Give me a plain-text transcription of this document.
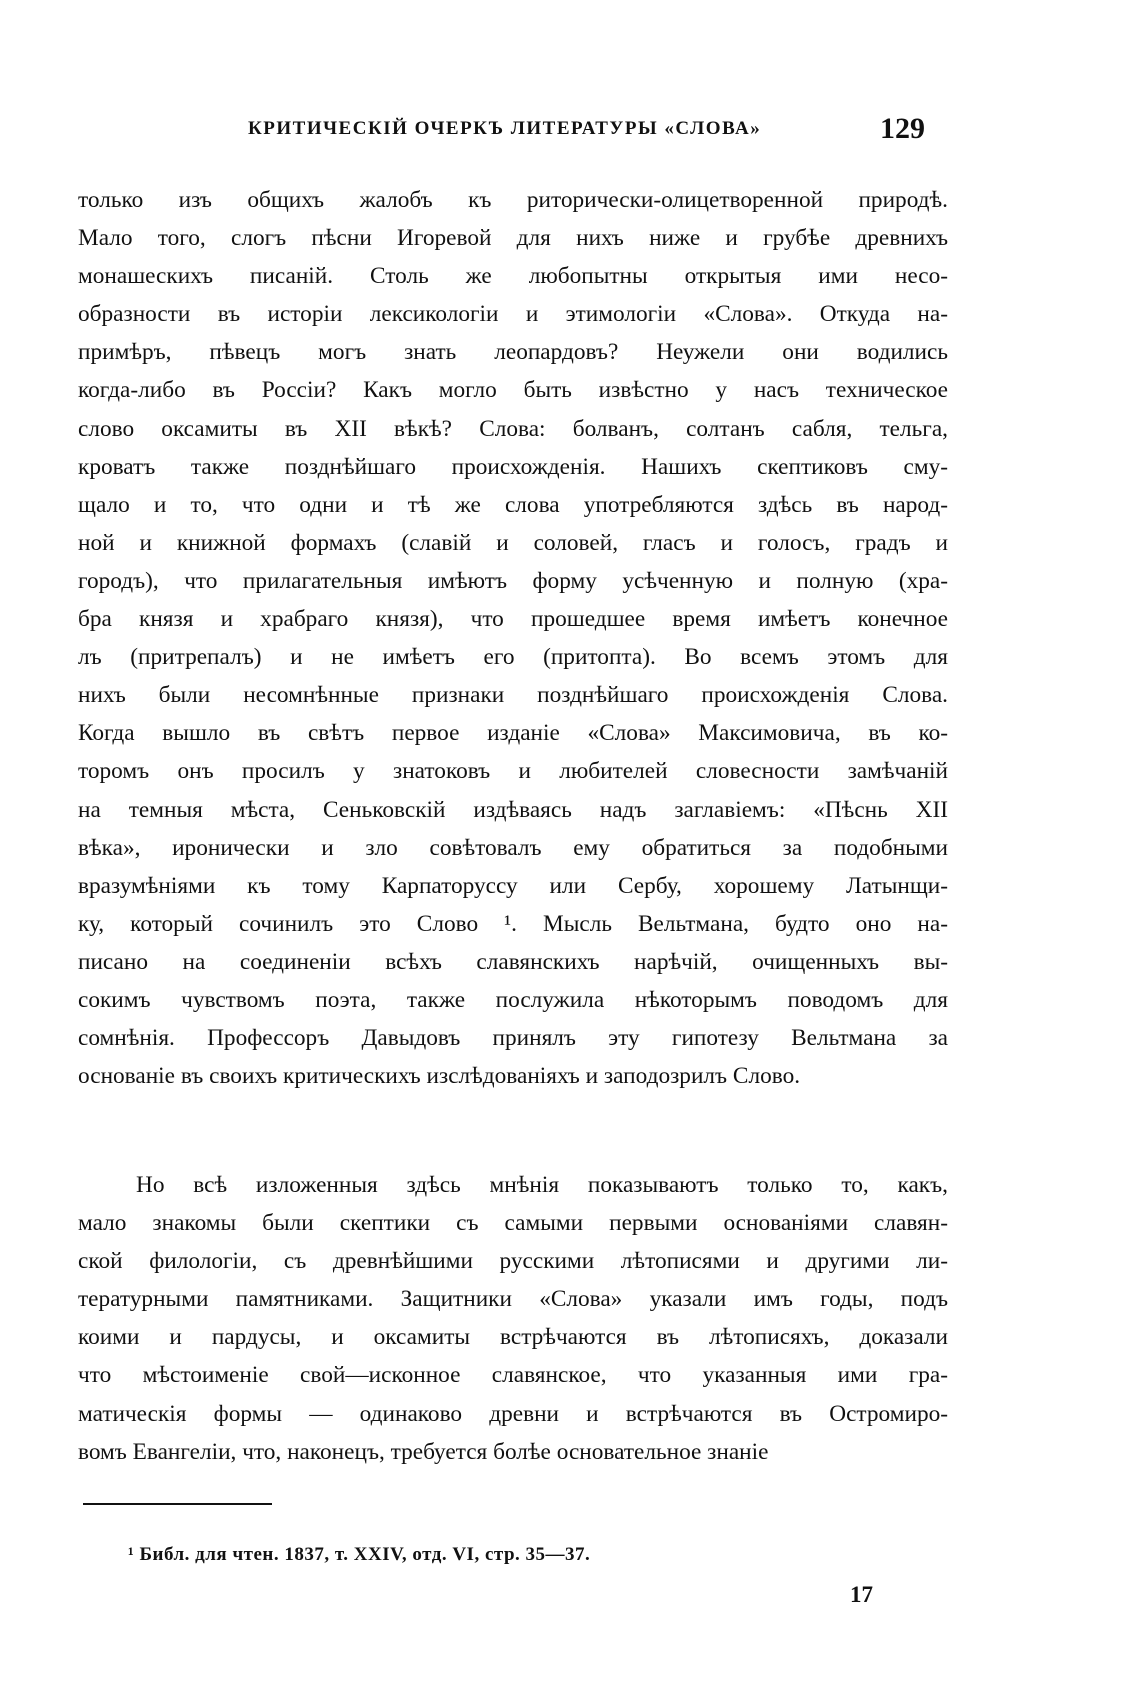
КРИТИЧЕСКІЙ ОЧЕРКЪ ЛИТЕРАТУРЫ «СЛОВА»	129
только изъ общихъ жалобъ къ риторически-олицетворенной природѣ.
Мало того, слогъ пѣсни Игоревой для нихъ ниже и грубѣе древнихъ
монашескихъ писаній. Столь же любопытны открытыя ими несо-
образности въ исторіи лексикологіи и этимологіи «Слова». Откуда на-
примѣръ, пѣвецъ могъ знать леопардовъ? Неужели они водились
когда-либо въ Россіи? Какъ могло быть извѣстно у насъ техническое
слово оксамиты въ XII вѣкѣ? Слова: болванъ, солтанъ сабля, тельга,
кроватъ также позднѣйшаго происхожденія. Нашихъ скептиковъ сму-
щало и то, что одни и тѣ же слова употребляются здѣсь въ народ-
ной и книжной формахъ (славій и соловей, гласъ и голосъ, градъ и
городъ), что прилагательныя имѣютъ форму усѣченную и полную (хра-
бра князя и храбраго князя), что прошедшее время имѣетъ конечное
лъ (притрепалъ) и не имѣетъ его (притопта). Во всемъ этомъ для
нихъ были несомнѣнные признаки позднѣйшаго происхожденія Слова.
Когда вышло въ свѣтъ первое изданіе «Слова» Максимовича, въ ко-
торомъ онъ просилъ у знатоковъ и любителей словесности замѣчаній
на темныя мѣста, Сеньковскій издѣваясь надъ заглавіемъ: «Пѣснь XII
вѣка», иронически и зло совѣтовалъ ему обратиться за подобными
вразумѣніями къ тому Карпаторуссу или Сербу, хорошему Латынщи-
ку, который сочинилъ это Слово ¹. Мысль Вельтмана, будто оно на-
писано на соединеніи всѣхъ славянскихъ нарѣчій, очищенныхъ вы-
сокимъ чувствомъ поэта, также послужила нѣкоторымъ поводомъ для
сомнѣнія. Профессоръ Давыдовъ принялъ эту гипотезу Вельтмана за
основаніе въ своихъ критическихъ изслѣдованіяхъ и заподозрилъ Слово.
Но всѣ изложенныя здѣсь мнѣнія показываютъ только то, какъ,
мало знакомы были скептики съ самыми первыми основаніями славян-
ской филологіи, съ древнѣйшими русскими лѣтописями и другими ли-
тературными памятниками. Защитники «Слова» указали имъ годы, подъ
коими и пардусы, и оксамиты встрѣчаются въ лѣтописяхъ, доказали
что мѣстоименіе свой—исконное славянское, что указанныя ими гра-
матическія формы — одинаково древни и встрѣчаются въ Остромиро-
вомъ Евангеліи, что, наконецъ, требуется болѣе основательное знаніе
¹ Библ. для чтен. 1837, т. XXIV, отд. VI, стр. 35—37.
17
